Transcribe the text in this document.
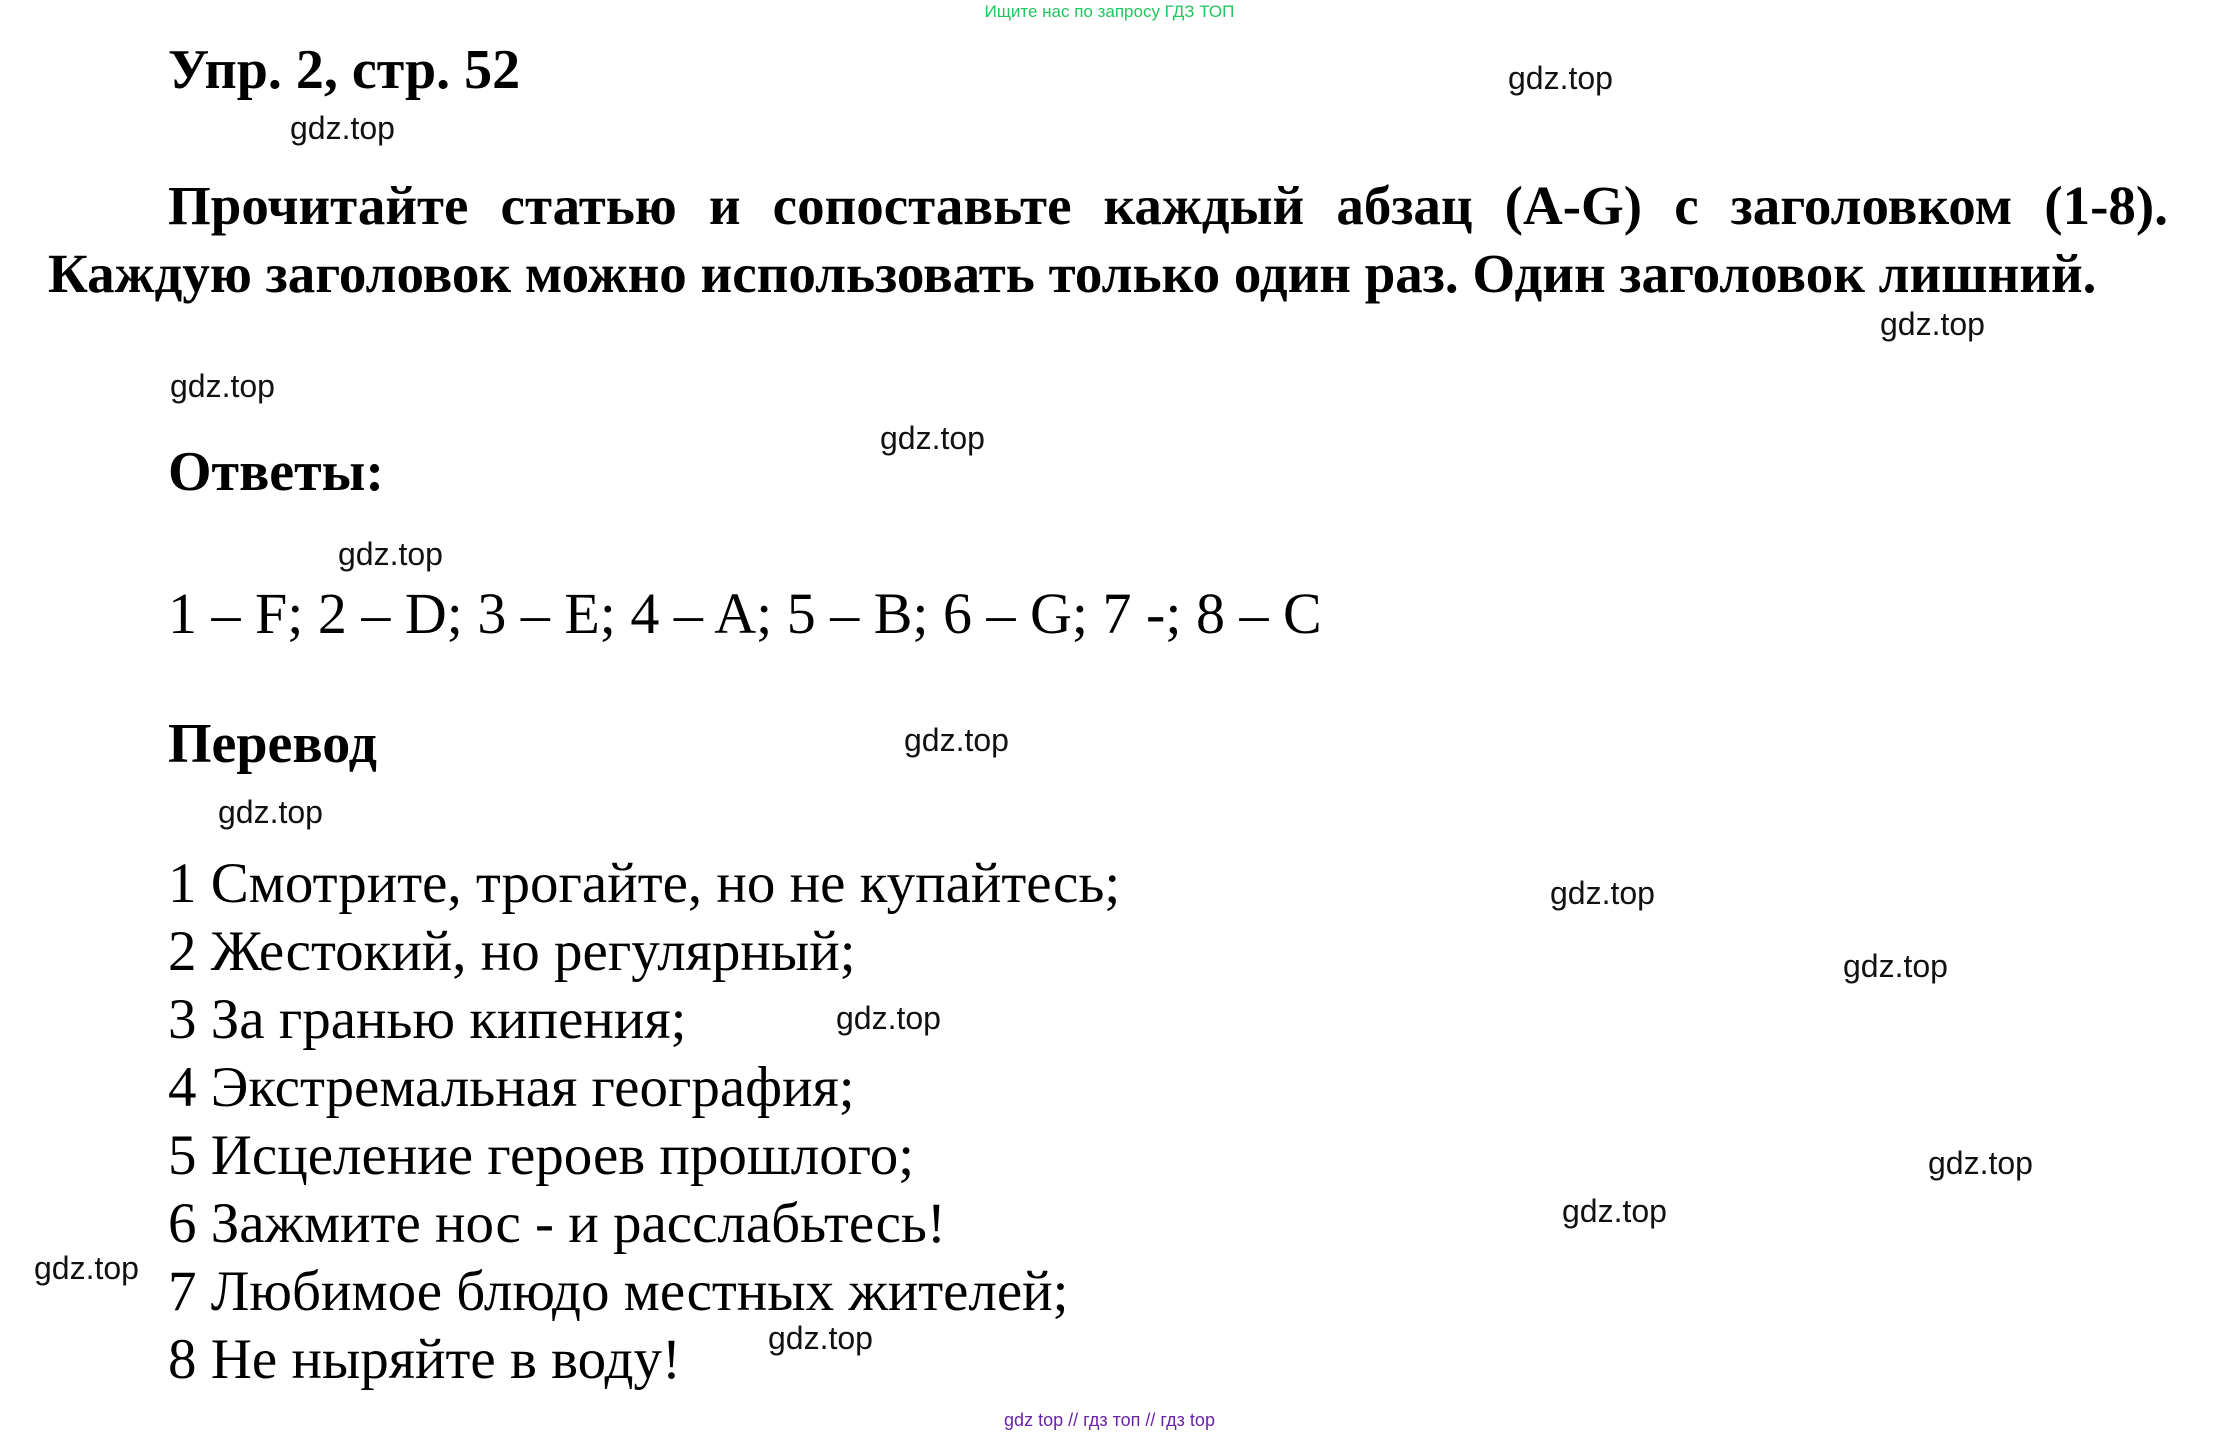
Ищите нас по запросу ГДЗ ТОП
Упр. 2, стр. 52
Прочитайте статью и сопоставьте каждый абзац (A-G) с заголовком (1-8). Каждую заголовок можно использовать только один раз. Один заголовок лишний.
Ответы:
1 – F; 2 – D; 3 – E; 4 – A; 5 – B; 6 – G; 7 -; 8 – C
Перевод
1 Смотрите, трогайте, но не купайтесь;
2 Жестокий, но регулярный;
3 За гранью кипения;
4 Экстремальная география;
5 Исцеление героев прошлого;
6 Зажмите нос - и расслабьтесь!
7 Любимое блюдо местных жителей;
8 Не ныряйте в воду!
gdz.top
gdz.top
gdz.top
gdz.top
gdz.top
gdz.top
gdz.top
gdz.top
gdz.top
gdz.top
gdz.top
gdz.top
gdz.top
gdz.top
gdz.top
gdz top // гдз топ // гдз top
